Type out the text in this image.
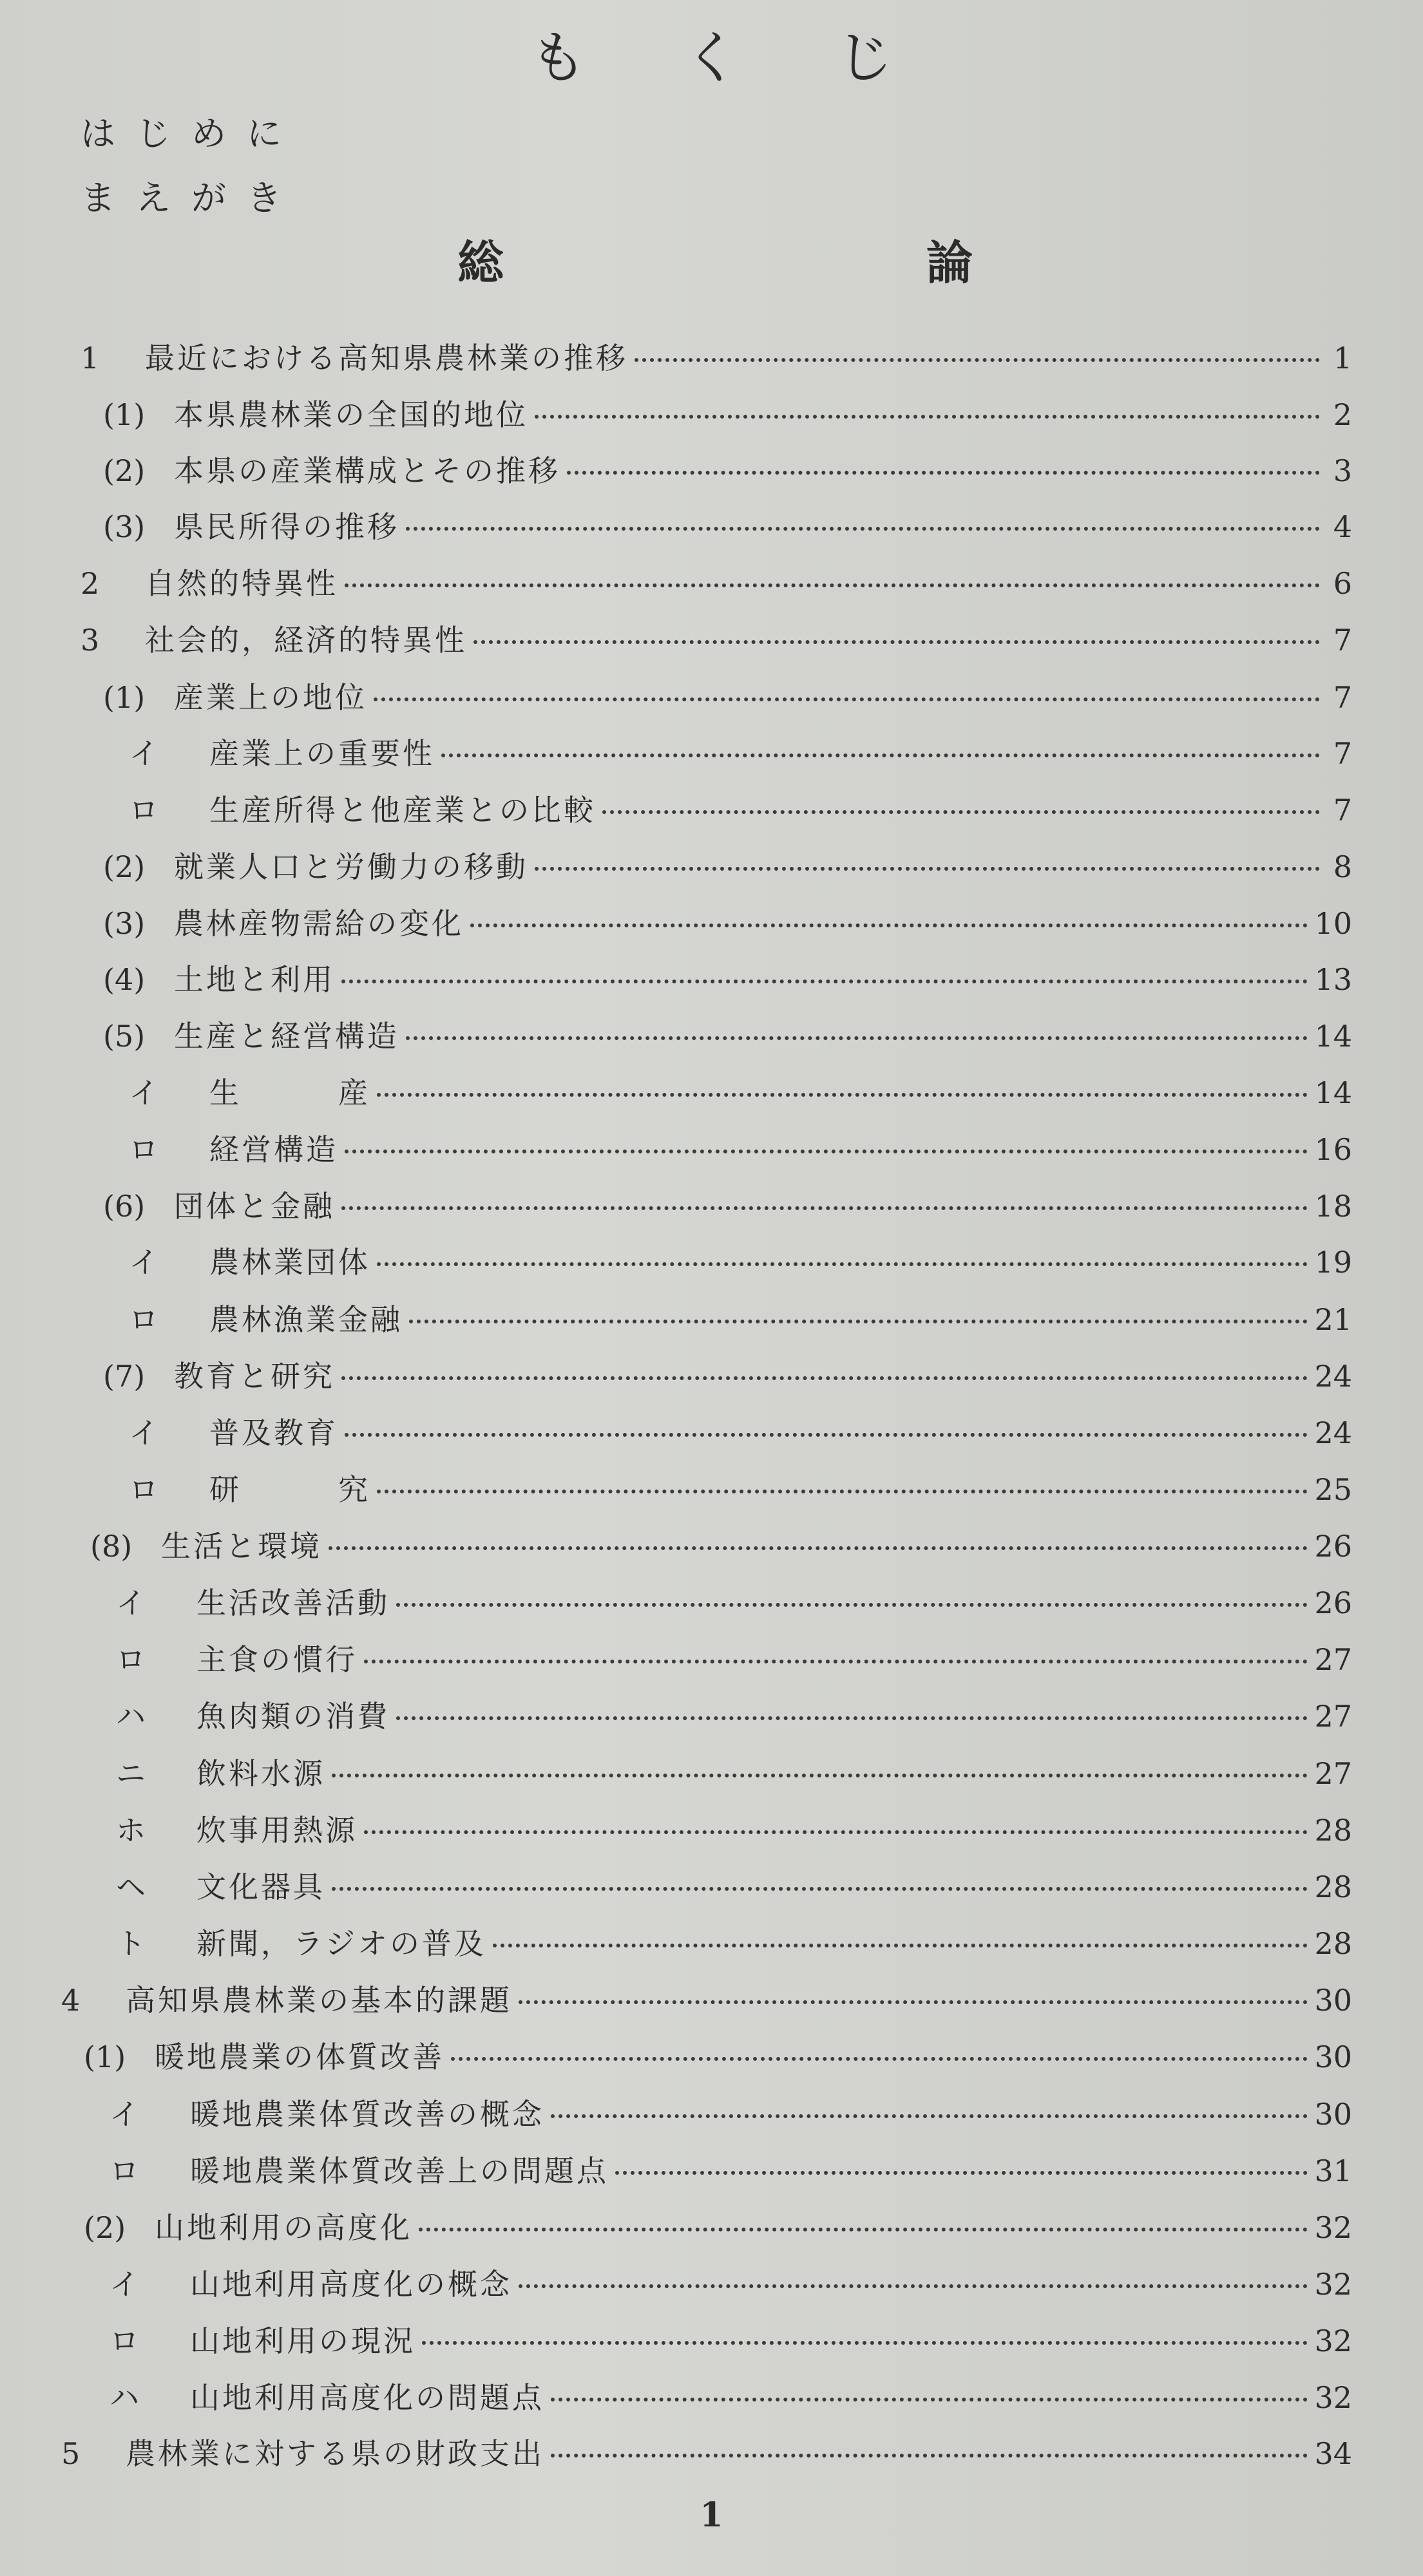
もくじ
はじめに
まえがき
総	論
1	最近における高知県農林業の推移	1
(1) 本県農林業の全国的地位	2
(2) 本県の産業構成とその推移	3
(3) 県民所得の推移	4
2	自然的特異性	6
3	社会的，経済的特異性	7
(1) 産業上の地位	7
イ	産業上の重要性	7
ロ	生産所得と他産業との比較	7
(2) 就業人口と労働力の移動	8
(3) 農林産物需給の変化	10
(4) 土地と利用	13
(5) 生産と経営構造	14
イ	生　　　産	14
ロ	経営構造	16
(6) 団体と金融	18
イ	農林業団体	19
ロ	農林漁業金融	21
(7) 教育と研究	24
イ	普及教育	24
ロ	研　　　究	25
(8) 生活と環境	26
イ	生活改善活動	26
ロ	主食の慣行	27
ハ	魚肉類の消費	27
ニ	飲料水源	27
ホ	炊事用熱源	28
ヘ	文化器具	28
ト	新聞，ラジオの普及	28
4	高知県農林業の基本的課題	30
(1) 暖地農業の体質改善	30
イ	暖地農業体質改善の概念	30
ロ	暖地農業体質改善上の問題点	31
(2) 山地利用の高度化	32
イ	山地利用高度化の概念	32
ロ	山地利用の現況	32
ハ	山地利用高度化の問題点	32
5	農林業に対する県の財政支出	34
1
